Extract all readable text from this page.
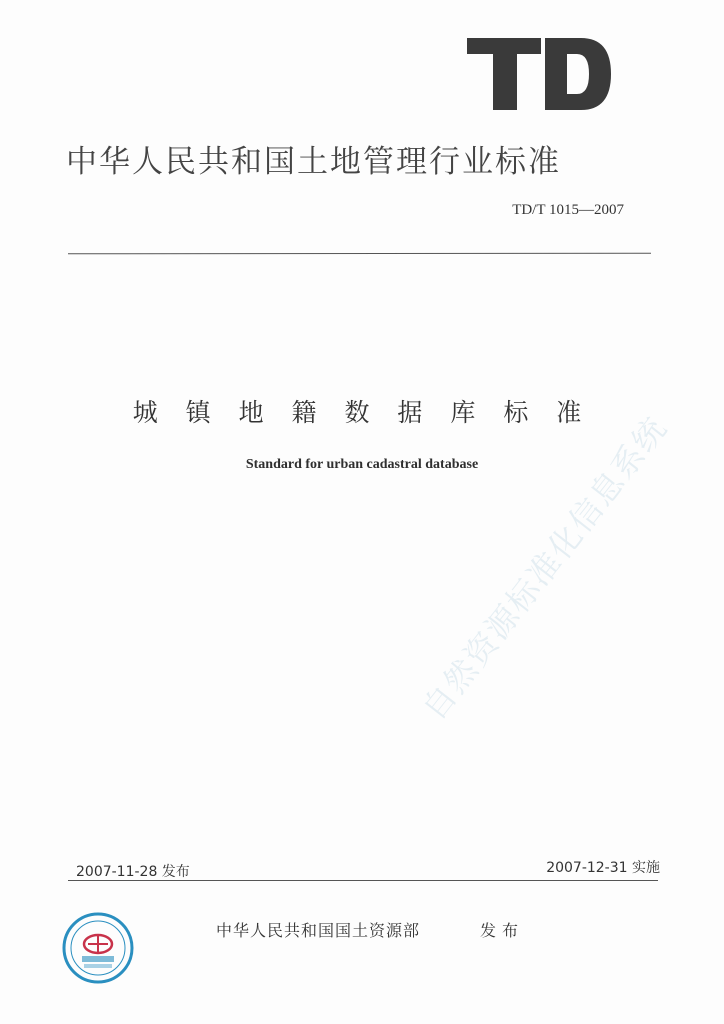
中华人民共和国土地管理行业标准
TD/T 1015—2007
城 镇 地 籍 数 据 库 标 准
Standard for urban cadastral database
自然资源标准化信息系统
2007-11-28 发布	2007-12-31 实施
中华人民共和国国土资源部	发布
